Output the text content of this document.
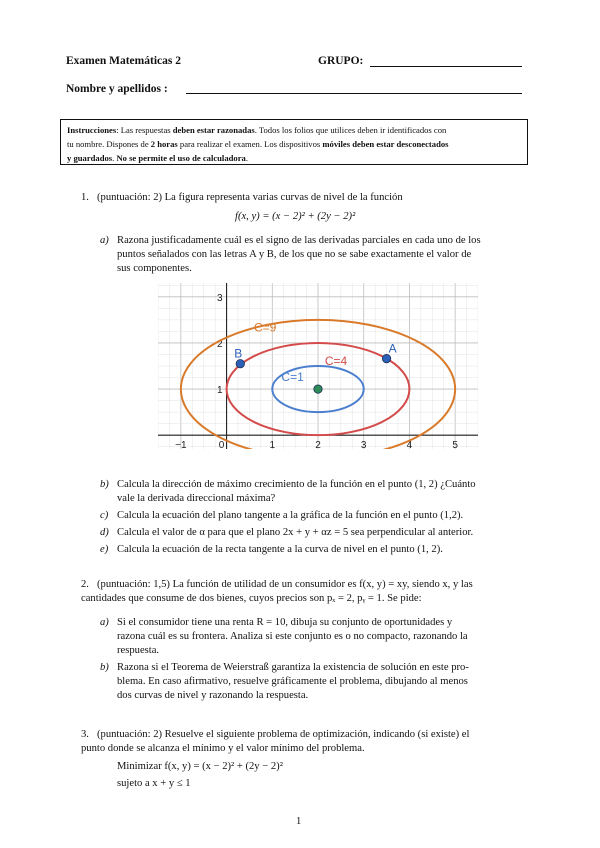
Examen Matemáticas 2	GRUPO:
Nombre y apellidos :
Instrucciones: Las respuestas deben estar razonadas. Todos los folios que utilices deben ir identificados con
tu nombre. Dispones de 2 horas para realizar el examen. Los dispositivos móviles deben estar desconectados
y guardados. No se permite el uso de calculadora.
1. (puntuación: 2) La figura representa varias curvas de nivel de la función
f(x, y) = (x − 2)² + (2y − 2)²
a) Razona justificadamente cuál es el signo de las derivadas parciales en cada uno de los
puntos señalados con las letras A y B, de los que no se sabe exactamente el valor de
sus componentes.
−1	0	1	2	3	4	5
1
2
3
C=1
C=4
C=9
A
B
b) Calcula la dirección de máximo crecimiento de la función en el punto (1, 2) ¿Cuánto
vale la derivada direccional máxima?
c) Calcula la ecuación del plano tangente a la gráfica de la función en el punto (1,2).
d) Calcula el valor de α para que el plano 2x + y + αz = 5 sea perpendicular al anterior.
e) Calcula la ecuación de la recta tangente a la curva de nivel en el punto (1, 2).
2. (puntuación: 1,5) La función de utilidad de un consumidor es f(x, y) = xy, siendo x, y las
cantidades que consume de dos bienes, cuyos precios son pₓ = 2, pᵧ = 1. Se pide:
a) Si el consumidor tiene una renta R = 10, dibuja su conjunto de oportunidades y
razona cuál es su frontera. Analiza si este conjunto es o no compacto, razonando la
respuesta.
b) Razona si el Teorema de Weierstraß garantiza la existencia de solución en este pro-
blema. En caso afirmativo, resuelve gráficamente el problema, dibujando al menos
dos curvas de nivel y razonando la respuesta.
3. (puntuación: 2) Resuelve el siguiente problema de optimización, indicando (si existe) el
punto donde se alcanza el mínimo y el valor mínimo del problema.
Minimizar f(x, y) = (x − 2)² + (2y − 2)²
sujeto a x + y ≤ 1
1
